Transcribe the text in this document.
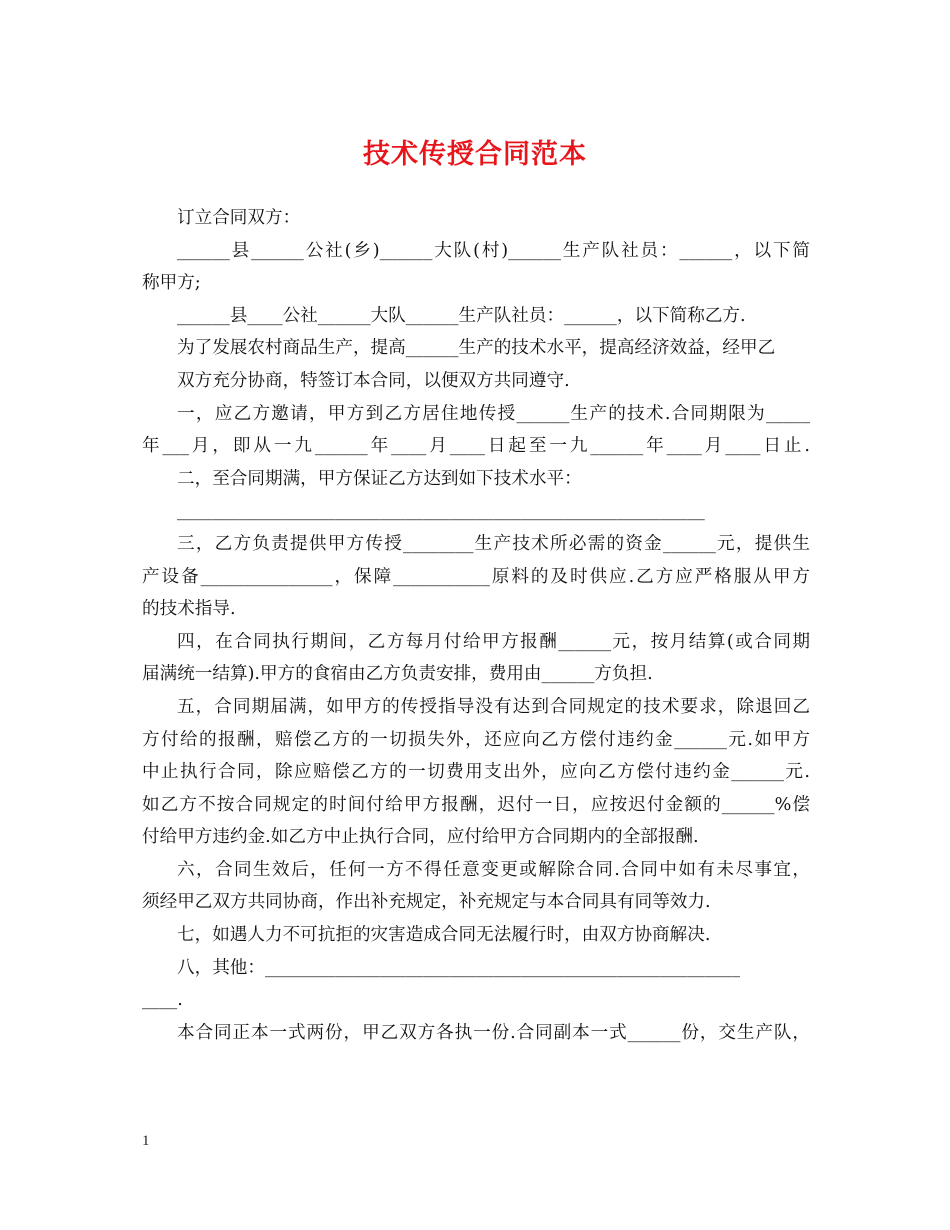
技术传授合同范本
订立合同双方：
______县______公社(乡)______大队(村)______生产队社员：______，以下简
称甲方;
______县____公社______大队______生产队社员：______，以下简称乙方.
为了发展农村商品生产，提高______生产的技术水平，提高经济效益，经甲乙
双方充分协商，特签订本合同，以便双方共同遵守.
一，应乙方邀请，甲方到乙方居住地传授______生产的技术.合同期限为_____
年___月，即从一九______年____月____日起至一九______年____月____日止.
二，至合同期满，甲方保证乙方达到如下技术水平：
____________________________________________________________
三，乙方负责提供甲方传授________生产技术所必需的资金______元，提供生
产设备_______________，保障___________原料的及时供应.乙方应严格服从甲方
的技术指导.
四，在合同执行期间，乙方每月付给甲方报酬______元，按月结算(或合同期
届满统一结算).甲方的食宿由乙方负责安排，费用由______方负担.
五，合同期届满，如甲方的传授指导没有达到合同规定的技术要求，除退回乙
方付给的报酬，赔偿乙方的一切损失外，还应向乙方偿付违约金______元.如甲方
中止执行合同，除应赔偿乙方的一切费用支出外，应向乙方偿付违约金______元.
如乙方不按合同规定的时间付给甲方报酬，迟付一日，应按迟付金额的______%偿
付给甲方违约金.如乙方中止执行合同，应付给甲方合同期内的全部报酬.
六，合同生效后，任何一方不得任意变更或解除合同.合同中如有未尽事宜，
须经甲乙双方共同协商，作出补充规定，补充规定与本合同具有同等效力.
七，如遇人力不可抗拒的灾害造成合同无法履行时，由双方协商解决.
八，其他：______________________________________________________
____.
本合同正本一式两份，甲乙双方各执一份.合同副本一式______份，交生产队，
1
